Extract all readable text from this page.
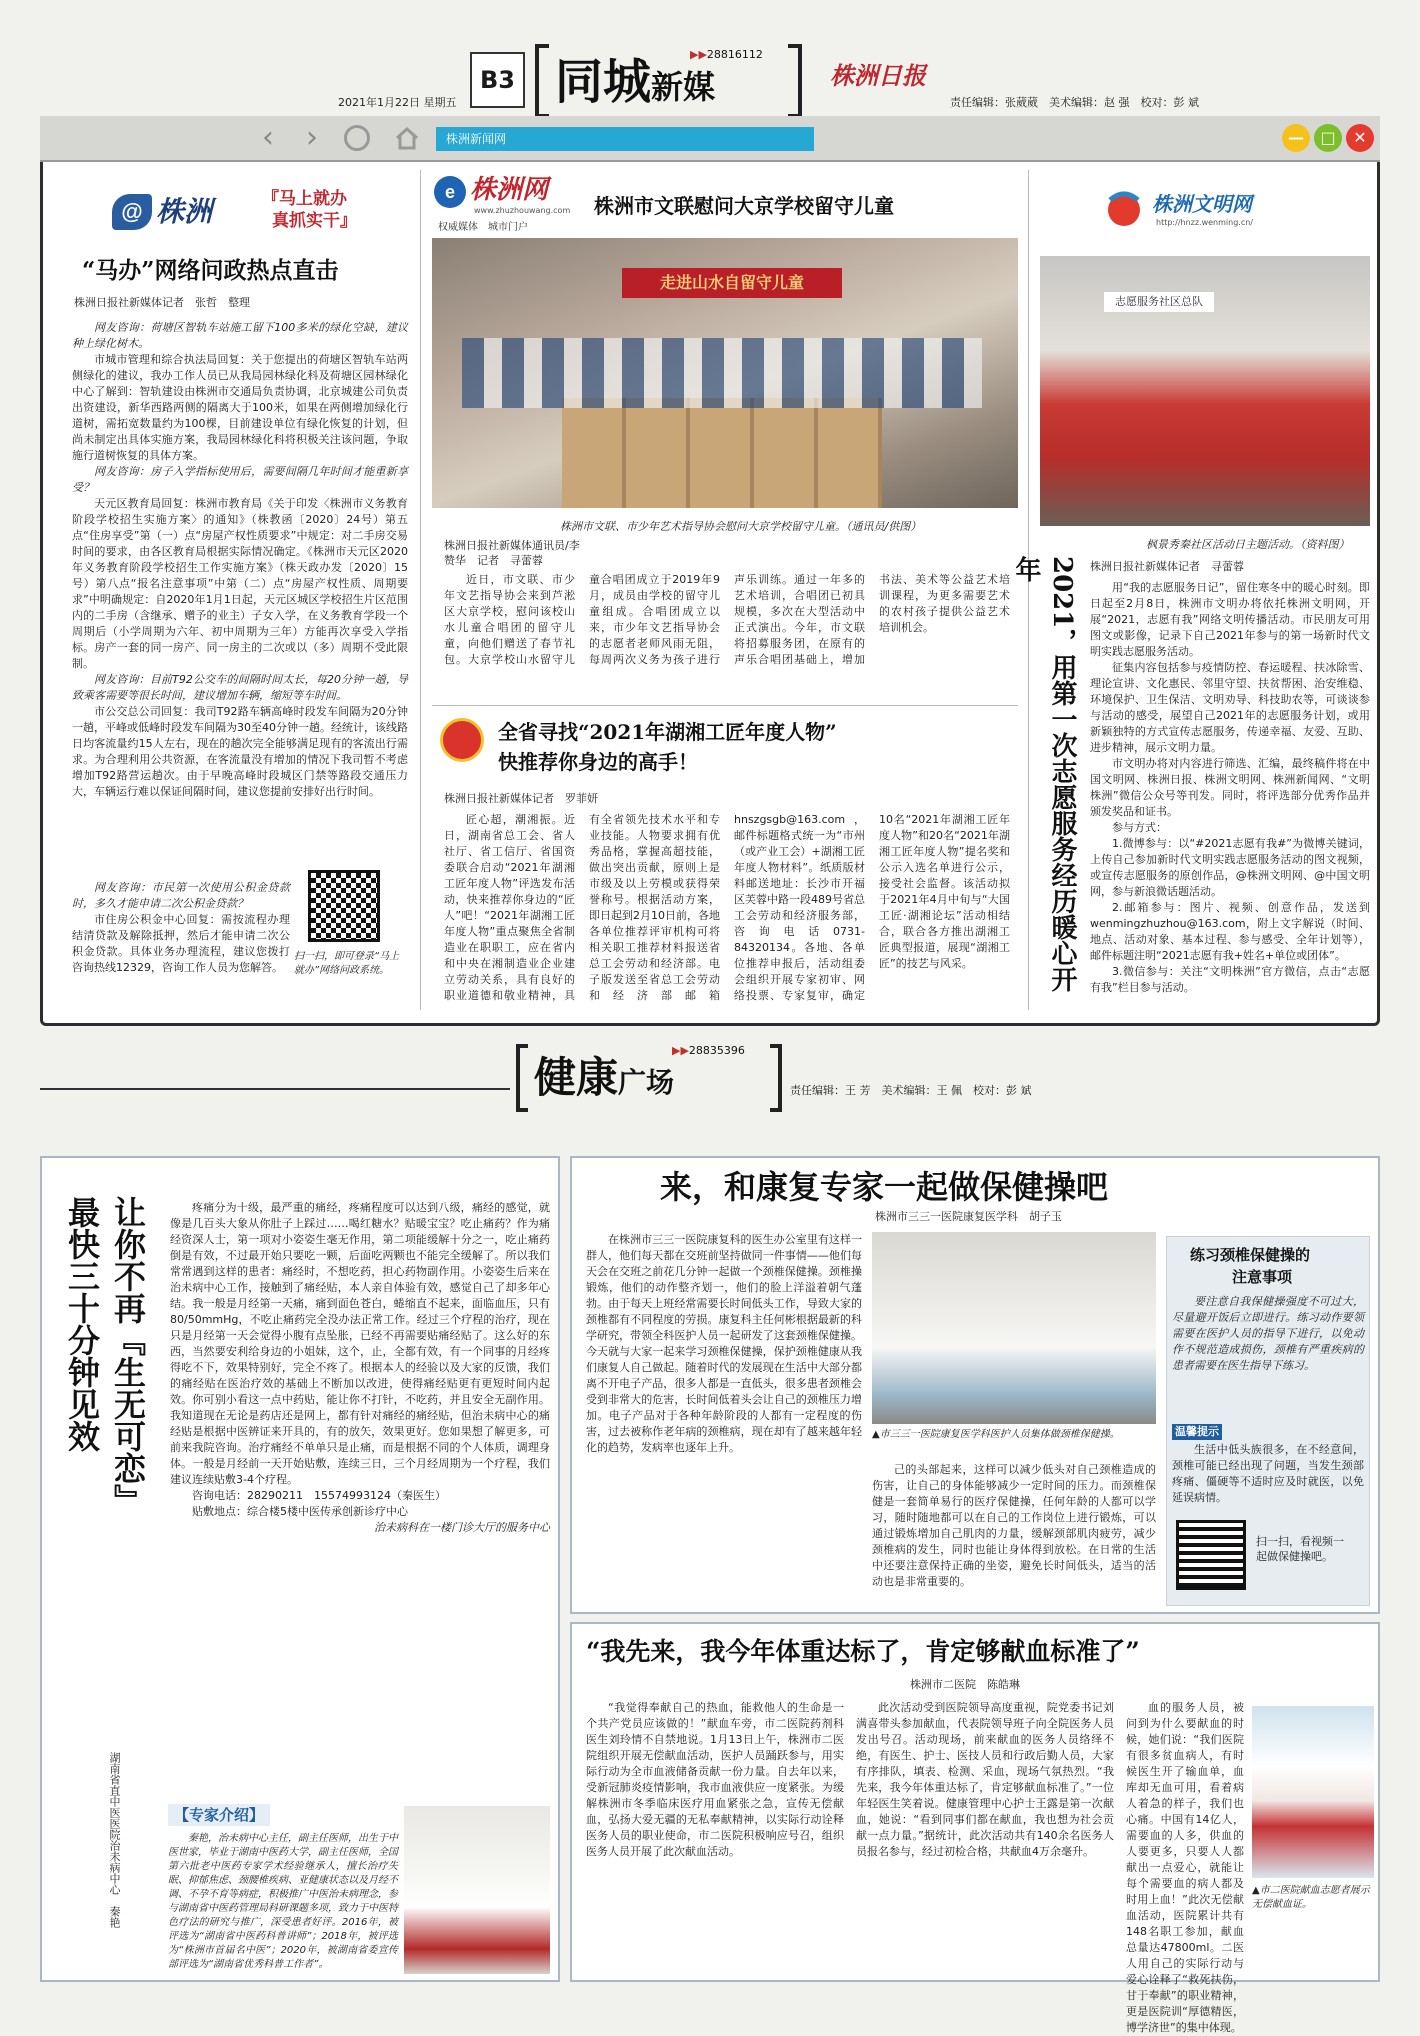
B3 同城新媒
▶▶28816112
株洲日报
2021年1月22日 星期五	责任编辑：张葳葳　美术编辑：赵 强　校对：彭 斌
‹ ‹	株洲新闻网	—	□	✕
@ 株洲	『马上就办
真抓实干』
“马办”网络问政热点直击
株洲日报社新媒体记者　张哲　整理

网友咨询：荷塘区智轨车站施工留下100多米的绿化空缺，建议种上绿化树木。

市城市管理和综合执法局回复：关于您提出的荷塘区智轨车站两侧绿化的建议，我办工作人员已从我局园林绿化科及荷塘区园林绿化中心了解到：智轨建设由株洲市交通局负责协调，北京城建公司负责出资建设，新华西路两侧的隔离大于100米，如果在两侧增加绿化行道树，需拓宽数量约为100棵，目前建设单位有绿化恢复的计划，但尚未制定出具体实施方案，我局园林绿化科将积极关注该问题，争取施行道树恢复的具体方案。

网友咨询：房子入学指标使用后，需要间隔几年时间才能重新享受？

天元区教育局回复：株洲市教育局《关于印发〈株洲市义务教育阶段学校招生实施方案〉的通知》（株教函〔2020〕24号）第五点“住房享受”第（一）点“房屋产权性质要求”中规定：对二手房交易时间的要求，由各区教育局根据实际情况确定。《株洲市天元区2020年义务教育阶段学校招生工作实施方案》（株天政办发〔2020〕15号）第八点“报名注意事项”中第（二）点“房屋产权性质、周期要求”中明确规定：自2020年1月1日起，天元区城区学校招生片区范围内的二手房（含继承、赠予的业主）子女入学，在义务教育学段一个周期后（小学周期为六年、初中周期为三年）方能再次享受入学指标。房产一套的同一房产、同一房主的二次或以（多）周期不受此限制。

网友咨询：目前T92公交车的间隔时间太长，每20分钟一趟，导致乘客需要等很长时间，建议增加车辆，缩短等车时间。

市公交总公司回复：我司T92路车辆高峰时段发车间隔为20分钟一趟，平峰或低峰时段发车间隔为30至40分钟一趟。经统计，该线路日均客流量约15人左右，现在的趟次完全能够满足现有的客流出行需求。为合理利用公共资源，在客流量没有增加的情况下我司暂不考虑增加T92路营运趟次。由于早晚高峰时段城区门禁等路段交通压力大，车辆运行难以保证间隔时间，建议您提前安排好出行时间。

网友咨询：市民第一次使用公积金贷款时，多久才能申请二次公积金贷款？

市住房公积金中心回复：需按流程办理结清贷款及解除抵押，然后才能申请二次公积金贷款。具体业务办理流程，建议您拨打咨询热线12329，咨询工作人员为您解答。

扫一扫，即可登录“马上就办”网络问政系统。
e 株洲网
www.zhuzhouwang.com
权威媒体　 城市门户
株洲市文联慰问大京学校留守儿童
走进山水自留守儿童
株洲市文联、市少年艺术指导协会慰问大京学校留守儿童。（通讯员/供图）
株洲日报社新媒体通讯员/李赞华　记者　寻蕾蓉

近日，市文联、市少年文艺指导协会来到芦淞区大京学校，慰问该校山水儿童合唱团的留守儿童，向他们赠送了春节礼包。大京学校山水留守儿童合唱团成立于2019年9月，成员由学校的留守儿童组成。合唱团成立以来，市少年文艺指导协会的志愿者老师风雨无阻，每周两次义务为孩子进行声乐训练。通过一年多的艺术培训，合唱团已初具规模，多次在大型活动中正式演出。今年，市文联将招募服务团，在原有的声乐合唱团基础上，增加书法、美术等公益艺术培训课程，为更多需要艺术的农村孩子提供公益艺术培训机会。

全省寻找“2021年湖湘工匠年度人物”
快推荐你身边的高手！
株洲日报社新媒体记者　罗菲妍

匠心超，潮湘振。近日，湖南省总工会、省人社厅、省工信厅、省国资委联合启动“2021年湖湘工匠年度人物”评选发布活动，快来推荐你身边的“匠人”吧！“2021年湖湘工匠年度人物”重点聚焦全省制造业在职职工，应在省内和中央在湘制造业企业建立劳动关系，具有良好的职业道德和敬业精神，具有全省领先技术水平和专业技能。人物要求拥有优秀品格，掌握高超技能，做出突出贡献，原则上是市级及以上劳模或获得荣誉称号。根据活动方案，即日起到2月10日前，各地各单位推荐评审机构可将相关职工推荐材料报送省总工会劳动和经济部。电子版发送至省总工会劳动和经济部邮箱hnszgsgb@163.com，邮件标题格式统一为“市州（或产业工会）+湖湘工匠年度人物材料”。纸质版材料邮送地址：长沙市开福区芙蓉中路一段489号省总工会劳动和经济服务部，咨询电话0731-84320134。各地、各单位推荐申报后，活动组委会组织开展专家初审、网络投票、专家复审，确定10名“2021年湖湘工匠年度人物”和20名“2021年湖湘工匠年度人物”提名奖和公示入选名单进行公示，接受社会监督。该活动拟于2021年4月中旬与“大国工匠·湖湘论坛”活动相结合，联合各方推出湖湘工匠典型报道，展现“湖湘工匠”的技艺与风采。

株洲文明网
http://hnzz.wenming.cn/
志愿服务社区总队
枫景秀秦社区活动日主题活动。（资料图）
2021，用第一次志愿服务经历暖心开年	株洲日报社新媒体记者　寻蕾蓉

用“我的志愿服务日记”，留住寒冬中的暖心时刻。即日起至2月8日，株洲市文明办将依托株洲文明网，开展“2021，志愿有我”网络文明传播活动。市民朋友可用图文或影像，记录下自己2021年参与的第一场新时代文明实践志愿服务活动。

征集内容包括参与疫情防控、春运暖程、扶冰除雪、理论宣讲、文化惠民、邻里守望、扶贫帮困、治安维稳、环境保护、卫生保洁、文明劝导、科技助农等，可谈谈参与活动的感受，展望自己2021年的志愿服务计划，或用新颖独特的方式宣传志愿服务，传递幸福、友爱、互助、进步精神，展示文明力量。

市文明办将对内容进行筛选、汇编，最终稿件将在中国文明网、株洲日报、株洲文明网、株洲新闻网、“文明株洲”微信公众号等刊发。同时，将评选部分优秀作品并颁发奖品和证书。

参与方式：

1.微博参与：以“#2021志愿有我#”为微博关键词，上传自己参加新时代文明实践志愿服务活动的图文视频，或宣传志愿服务的原创作品，@株洲文明网、@中国文明网，参与新浪微话题活动。

2.邮箱参与：图片、视频、创意作品，发送到wenmingzhuzhou@163.com，附上文字解说（时间、地点、活动对象、基本过程、参与感受、全年计划等），邮件标题注明“2021志愿有我+姓名+单位或团体”。

3.微信参与：关注“文明株洲”官方微信，点击“志愿有我”栏目参与活动。

健康广场
▶▶28835396
责任编辑：王 芳　美术编辑：王 佩　校对：彭 斌
让你不再『生无可恋』
最快三十分钟见效
湖南省直中医医院治未病中心　秦艳

疼痛分为十级，最严重的痛经，疼痛程度可以达到八级，痛经的感觉，就像是几百头大象从你肚子上踩过……喝红糖水？贴暖宝宝？吃止痛药？作为痛经资深人士，第一项对小姿姿生毫无作用，第二项能缓解十分之一，吃止痛药倒是有效，不过最开始只要吃一颗，后面吃两颗也不能完全缓解了。所以我们常常遇到这样的患者：痛经时，不想吃药，担心药物副作用。小姿姿生后来在治未病中心工作，接触到了痛经贴，本人亲自体验有效，感觉自己了却多年心结。我一般是月经第一天痛，痛到面色苍白，蜷缩直不起来，面临血压，只有80/50mmHg，不吃止痛药完全没办法正常工作。经过三个疗程的治疗，现在只是月经第一天会觉得小腹有点坠胀，已经不再需要贴痛经贴了。这么好的东西，当然要安利给身边的小姐妹，这个，止，全都有效，有一个同事的月经疼得吃不下，效果特别好，完全不疼了。根据本人的经验以及大家的反馈，我们的痛经贴在医治疗效的基础上不断加以改进，使得痛经贴更有更短时间内起效。你可别小看这一点中药贴，能让你不打针，不吃药，并且安全无副作用。我知道现在无论是药店还是网上，都有针对痛经的痛经贴，但治未病中心的痛经贴是根据中医辨证来开具的，有的放矢，效果更好。您如果想了解更多，可前来我院咨询。治疗痛经不单单只是止痛，而是根据不同的个人体质，调理身体。一般是月经前一天开始贴敷，连续三日，三个月经周期为一个疗程，我们建议连续贴敷3-4个疗程。

咨询电话：28290211　15574993124（秦医生）

贴敷地点：综合楼5楼中医传承创新诊疗中心

治未病科在一楼门诊大厅的服务中心

【专家介绍】

秦艳，治未病中心主任，副主任医师，出生于中医世家，毕业于湖南中医药大学，副主任医师，全国第六批老中医药专家学术经验继承人，擅长治疗失眠、抑郁焦虑、颈腰椎疾病、亚健康状态以及月经不调、不孕不育等病症，积极推广中医治未病理念，参与湖南省中医药管理局科研课题多项，致力于中医特色疗法的研究与推广，深受患者好评。2016年，被评选为“湖南省中医药科普讲师”；2018年，被评选为“株洲市首届名中医”；2020年，被湖南省委宣传部评选为“湖南省优秀科普工作者”。

来，和康复专家一起做保健操吧
株洲市三三一医院康复医学科　胡子玉

在株洲市三三一医院康复科的医生办公室里有这样一群人，他们每天都在交班前坚持做同一件事情——他们每天会在交班之前花几分钟一起做一个颈椎保健操。颈椎操锻炼，他们的动作整齐划一，他们的脸上洋溢着朝气蓬勃。由于每天上班经常需要长时间低头工作，导致大家的颈椎都有不同程度的劳损。康复科主任何彬根据最新的科学研究，带领全科医护人员一起研发了这套颈椎保健操。今天就与大家一起来学习颈椎保健操，保护颈椎健康从我们康复人自己做起。随着时代的发展现在生活中大部分都离不开电子产品，很多人都是一直低头，很多患者颈椎会受到非常大的危害，长时间低着头会让自己的颈椎压力增加。电子产品对于各种年龄阶段的人都有一定程度的伤害，过去被称作老年病的颈椎病，现在却有了越来越年轻化的趋势，发病率也逐年上升。

▲市三三一医院康复医学科医护人员集体做颈椎保健操。

己的头部起来，这样可以减少低头对自己颈椎造成的伤害，让自己的身体能够减少一定时间的压力。而颈椎保健是一套简单易行的医疗保健操，任何年龄的人都可以学习，随时随地都可以在自己的工作岗位上进行锻炼，可以通过锻炼增加自己肌肉的力量，缓解颈部肌肉疲劳，减少颈椎病的发生，同时也能让身体得到放松。在日常的生活中还要注意保持正确的坐姿，避免长时间低头，适当的活动也是非常重要的。

练习颈椎保健操的
注意事项

要注意自我保健操强度不可过大，尽量避开饭后立即进行。练习动作要领需要在医护人员的指导下进行，以免动作不规范造成损伤，颈椎有严重疾病的患者需要在医生指导下练习。

温馨提示

生活中低头族很多，在不经意间，颈椎可能已经出现了问题，当发生颈部疼痛、僵硬等不适时应及时就医，以免延误病情。

扫一扫，看视频一起做保健操吧。
“我先来，我今年体重达标了，肯定够献血标准了”
株洲市二医院　陈皓琳

“我觉得奉献自己的热血，能救他人的生命是一个共产党员应该做的！”献血车旁，市二医院药剂科医生刘玲情不自禁地说。1月13日上午，株洲市二医院组织开展无偿献血活动，医护人员踊跃参与，用实际行动为全市血液储备贡献一份力量。自去年以来，受新冠肺炎疫情影响，我市血液供应一度紧张。为缓解株洲市冬季临床医疗用血紧张之急，宣传无偿献血，弘扬大爱无疆的无私奉献精神，以实际行动诠释医务人员的职业使命，市二医院积极响应号召，组织医务人员开展了此次献血活动。

此次活动受到医院领导高度重视，院党委书记刘满喜带头参加献血，代表院领导班子向全院医务人员发出号召。活动现场，前来献血的医务人员络绎不绝，有医生、护士、医技人员和行政后勤人员，大家有序排队，填表、检测、采血，现场气氛热烈。“我先来，我今年体重达标了，肯定够献血标准了。”一位年轻医生笑着说。健康管理中心护士王露是第一次献血，她说：“看到同事们都在献血，我也想为社会贡献一点力量。”据统计，此次活动共有140余名医务人员报名参与，经过初检合格，共献血4万余毫升。

血的服务人员，被问到为什么要献血的时候，她们说：“我们医院有很多贫血病人，有时候医生开了输血单，血库却无血可用，看着病人着急的样子，我们也心痛。中国有14亿人，需要血的人多，供血的人要更多，只要人人都献出一点爱心，就能让每个需要血的病人都及时用上血！”此次无偿献血活动，医院累计共有148名职工参加，献血总量达47800ml。二医人用自己的实际行动与爱心诠释了“救死扶伤，甘于奉献”的职业精神，更是医院训“厚德精医，博学济世”的集中体现。

▲市二医院献血志愿者展示无偿献血证。
